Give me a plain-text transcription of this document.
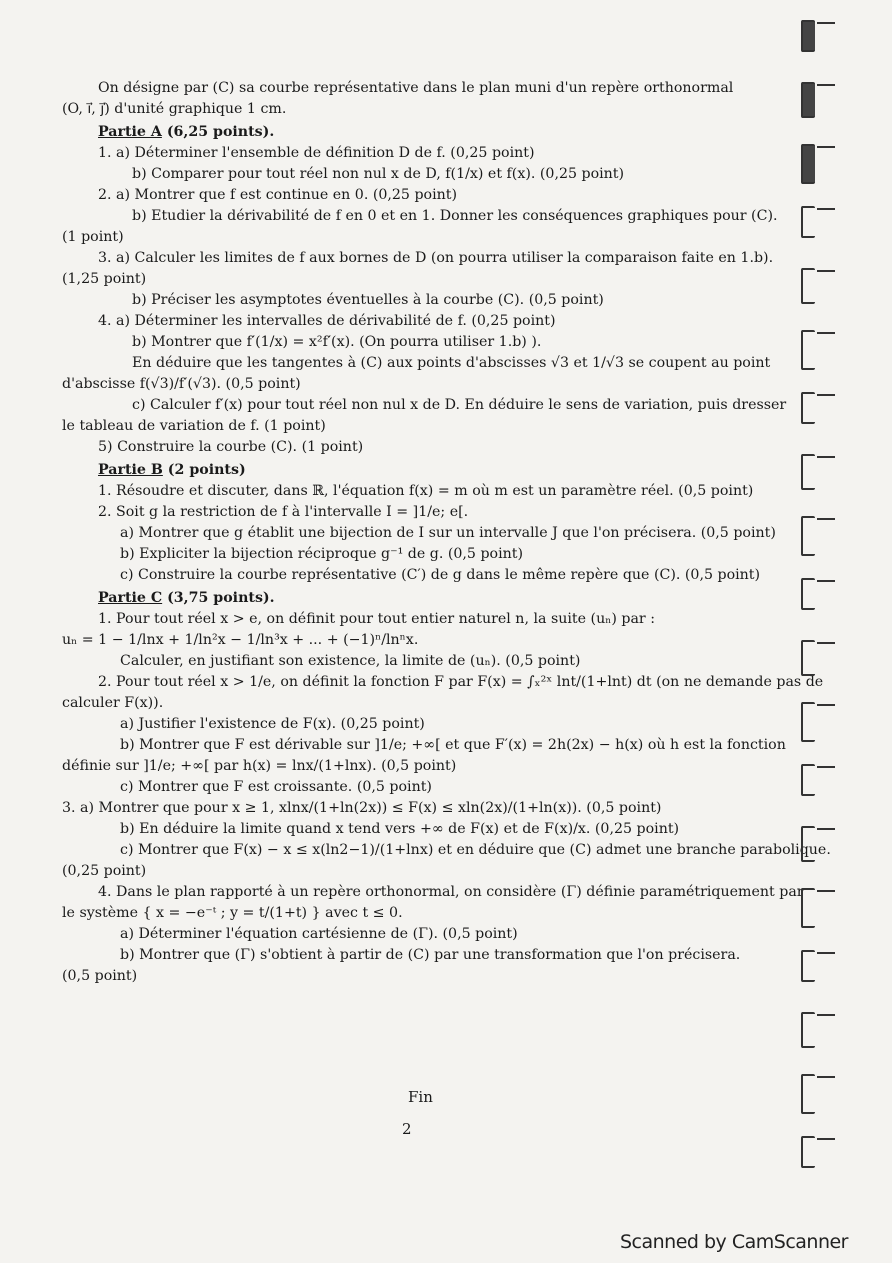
On désigne par (C) sa courbe représentative dans le plan muni d'un repère orthonormal
(O, i⃗, j⃗) d'unité graphique 1 cm.
Partie A (6,25 points).
1. a) Déterminer l'ensemble de définition D de f. (0,25 point)
b) Comparer pour tout réel non nul x de D, f(1/x) et f(x). (0,25 point)
2. a) Montrer que f est continue en 0. (0,25 point)
b) Etudier la dérivabilité de f en 0 et en 1. Donner les conséquences graphiques pour (C).
(1 point)
3. a) Calculer les limites de f aux bornes de D (on pourra utiliser la comparaison faite en 1.b).
(1,25 point)
b) Préciser les asymptotes éventuelles à la courbe (C). (0,5 point)
4. a) Déterminer les intervalles de dérivabilité de f. (0,25 point)
b) Montrer que f′(1/x) = x²f′(x). (On pourra utiliser 1.b) ).
En déduire que les tangentes à (C) aux points d'abscisses √3 et 1/√3 se coupent au point
d'abscisse f(√3)/f′(√3). (0,5 point)
c) Calculer f′(x) pour tout réel non nul x de D. En déduire le sens de variation, puis dresser
le tableau de variation de f. (1 point)
5) Construire la courbe (C). (1 point)
Partie B (2 points)
1. Résoudre et discuter, dans ℝ, l'équation f(x) = m où m est un paramètre réel. (0,5 point)
2. Soit g la restriction de f à l'intervalle I = ]1/e; e[.
a) Montrer que g établit une bijection de I sur un intervalle J que l'on précisera. (0,5 point)
b) Expliciter la bijection réciproque g⁻¹ de g. (0,5 point)
c) Construire la courbe représentative (C′) de g dans le même repère que (C). (0,5 point)
Partie C (3,75 points).
1. Pour tout réel x > e, on définit pour tout entier naturel n, la suite (uₙ) par :
uₙ = 1 − 1/lnx + 1/ln²x − 1/ln³x + ... + (−1)ⁿ/lnⁿx.
Calculer, en justifiant son existence, la limite de (uₙ). (0,5 point)
2. Pour tout réel x > 1/e, on définit la fonction F par F(x) = ∫ₓ²ˣ lnt/(1+lnt) dt (on ne demande pas de
calculer F(x)).
a) Justifier l'existence de F(x). (0,25 point)
b) Montrer que F est dérivable sur ]1/e; +∞[ et que F′(x) = 2h(2x) − h(x) où h est la fonction
définie sur ]1/e; +∞[ par h(x) = lnx/(1+lnx). (0,5 point)
c) Montrer que F est croissante. (0,5 point)
3. a) Montrer que pour x ≥ 1, xlnx/(1+ln(2x)) ≤ F(x) ≤ xln(2x)/(1+ln(x)). (0,5 point)
b) En déduire la limite quand x tend vers +∞ de F(x) et de F(x)/x. (0,25 point)
c) Montrer que F(x) − x ≤ x(ln2−1)/(1+lnx) et en déduire que (C) admet une branche parabolique.
(0,25 point)
4. Dans le plan rapporté à un repère orthonormal, on considère (Γ) définie paramétriquement par
le système { x = −e⁻ᵗ ; y = t/(1+t) } avec t ≤ 0.
a) Déterminer l'équation cartésienne de (Γ). (0,5 point)
b) Montrer que (Γ) s'obtient à partir de (C) par une transformation que l'on précisera.
(0,5 point)
Fin
2
Scanned by CamScanner
